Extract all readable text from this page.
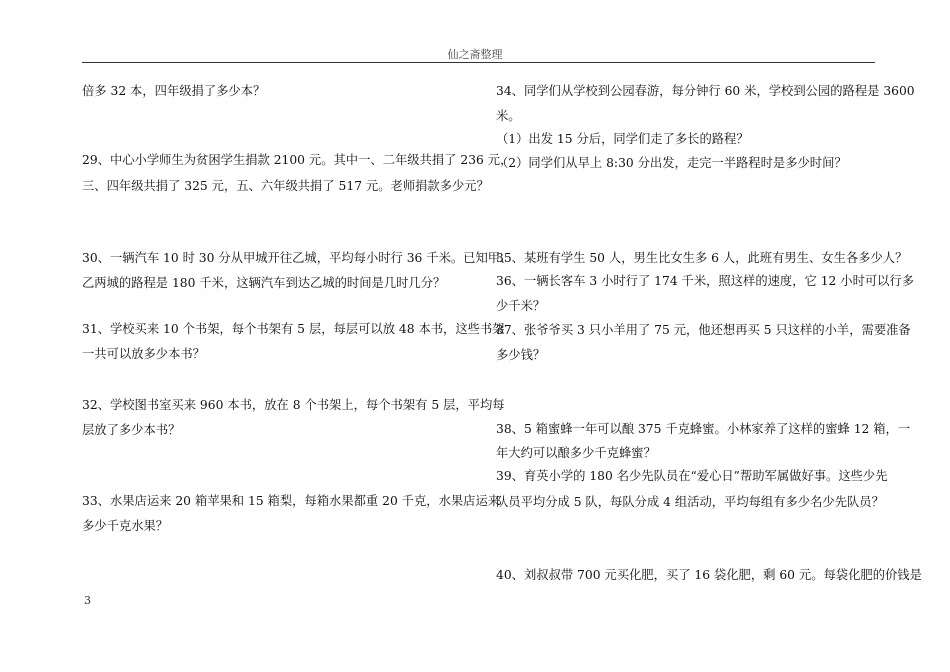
仙之斋整理
倍多 32 本，四年级捐了多少本？
29、中心小学师生为贫困学生捐款 2100 元。其中一、二年级共捐了 236 元，
三、四年级共捐了 325 元，五、六年级共捐了 517 元。老师捐款多少元？
30、一辆汽车 10 时 30 分从甲城开往乙城，平均每小时行 36 千米。已知甲、
乙两城的路程是 180 千米，这辆汽车到达乙城的时间是几时几分？
31、学校买来 10 个书架，每个书架有 5 层，每层可以放 48 本书，这些书架
一共可以放多少本书？
32、学校图书室买来 960 本书，放在 8 个书架上，每个书架有 5 层，平均每
层放了多少本书？
33、水果店运来 20 箱苹果和 15 箱梨，每箱水果都重 20 千克，水果店运来
多少千克水果？
34、同学们从学校到公园春游，每分钟行 60 米，学校到公园的路程是 3600
米。
（1）出发 15 分后，同学们走了多长的路程？
（2）同学们从早上 8:30 分出发，走完一半路程时是多少时间？
35、某班有学生 50 人，男生比女生多 6 人，此班有男生、女生各多少人？
36、一辆长客车 3 小时行了 174 千米，照这样的速度，它 12 小时可以行多
少千米？
37、张爷爷买 3 只小羊用了 75 元，他还想再买 5 只这样的小羊，需要准备
多少钱？
38、5 箱蜜蜂一年可以酿 375 千克蜂蜜。小林家养了这样的蜜蜂 12 箱，一
年大约可以酿多少千克蜂蜜？
39、育英小学的 180 名少先队员在“爱心日”帮助军属做好事。这些少先
队员平均分成 5 队，每队分成 4 组活动，平均每组有多少名少先队员？
40、刘叔叔带 700 元买化肥，买了 16 袋化肥，剩 60 元。每袋化肥的价钱是
3
